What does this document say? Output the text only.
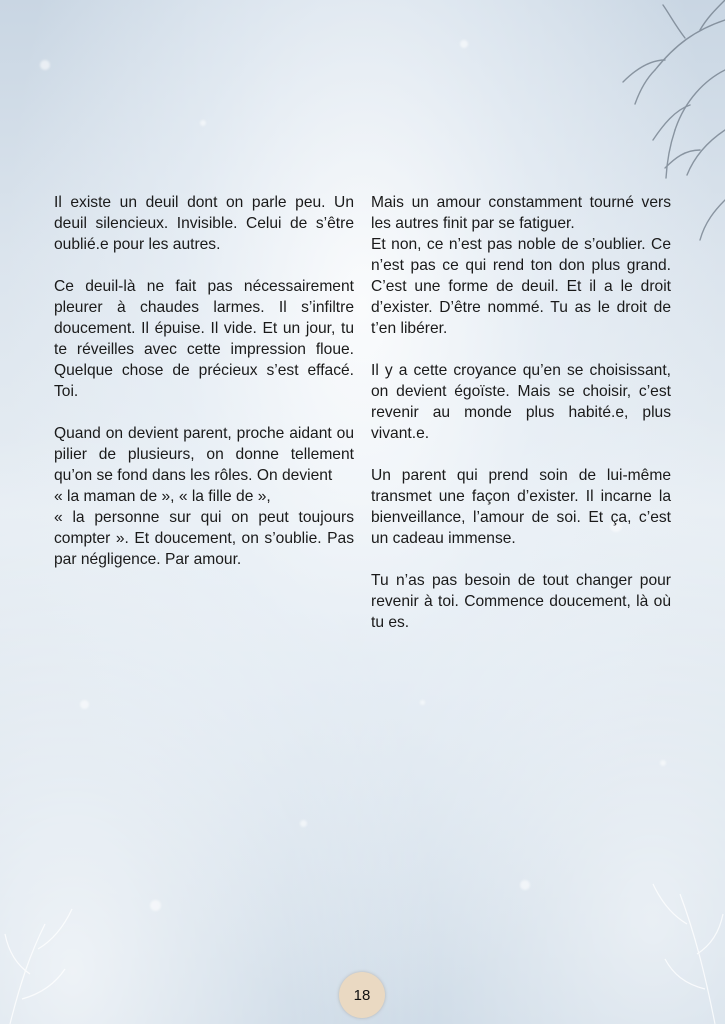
Il existe un deuil dont on parle peu. Un deuil silencieux. Invisible. Celui de s’être oublié.e pour les autres.

Ce deuil-là ne fait pas nécessairement pleurer à chaudes larmes. Il s’infiltre doucement. Il épuise. Il vide. Et un jour, tu te réveilles avec cette impression floue. Quelque chose de précieux s’est effacé. Toi.

Quand on devient parent, proche aidant ou pilier de plusieurs, on donne tellement qu’on se fond dans les rôles. On devient
« la maman de », « la fille de »,
« la personne sur qui on peut toujours compter ». Et doucement, on s’oublie. Pas par négligence. Par amour.

Mais un amour constamment tourné vers les autres finit par se fatiguer.
Et non, ce n’est pas noble de s’oublier. Ce n’est pas ce qui rend ton don plus grand. C’est une forme de deuil. Et il a le droit d’exister. D’être nommé. Tu as le droit de t’en libérer.

Il y a cette croyance qu’en se choisissant, on devient égoïste. Mais se choisir, c’est revenir au monde plus habité.e, plus vivant.e.

Un parent qui prend soin de lui-même transmet une façon d’exister. Il incarne la bienveillance, l’amour de soi. Et ça, c’est un cadeau immense.

Tu n’as pas besoin de tout changer pour revenir à toi. Commence doucement, là où tu es.

18
